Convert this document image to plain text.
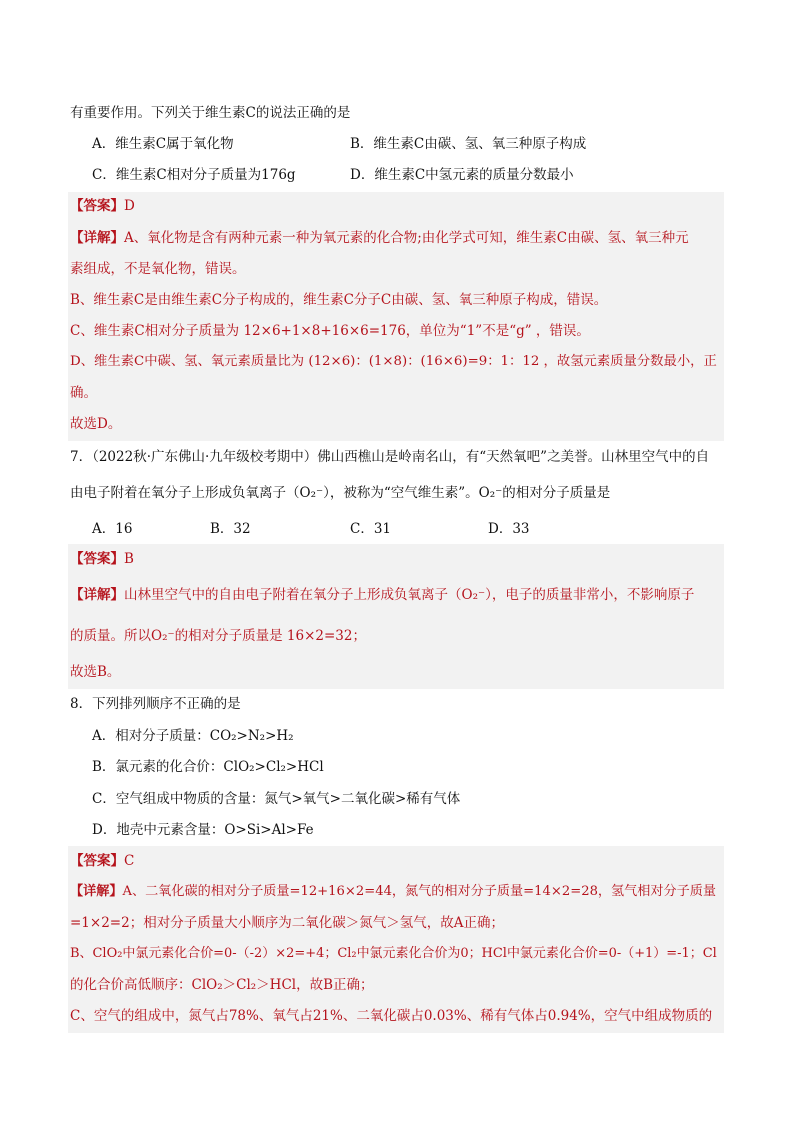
有重要作用。下列关于维生素C的说法正确的是
A．维生素C属于氧化物	B．维生素C由碳、氢、氧三种原子构成
C．维生素C相对分子质量为176g	D．维生素C中氢元素的质量分数最小
【答案】D
【详解】A、氧化物是含有两种元素一种为氧元素的化合物;由化学式可知，维生素C由碳、氢、氧三种元
素组成，不是氧化物，错误。
B、维生素C是由维生素C分子构成的，维生素C分子C由碳、氢、氧三种原子构成，错误。
C、维生素C相对分子质量为 12×6+1×8+16×6=176，单位为“1”不是“g” ，错误。
D、维生素C中碳、氢、氧元素质量比为 (12×6)：(1×8)：(16×6)=9：1：12 ，故氢元素质量分数最小，正
确。
故选D。
7．（2022秋·广东佛山·九年级校考期中）佛山西樵山是岭南名山，有“天然氧吧”之美誉。山林里空气中的自
由电子附着在氧分子上形成负氧离子（O₂⁻），被称为“空气维生素”。O₂⁻的相对分子质量是
A．16	B．32	C．31	D．33
【答案】B
【详解】山林里空气中的自由电子附着在氧分子上形成负氧离子（O₂⁻），电子的质量非常小，不影响原子
的质量。所以O₂⁻的相对分子质量是 16×2=32；
故选B。
8．下列排列顺序不正确的是
A．相对分子质量：CO₂>N₂>H₂
B．氯元素的化合价：ClO₂>Cl₂>HCl
C．空气组成中物质的含量：氮气>氧气>二氧化碳>稀有气体
D．地壳中元素含量：O>Si>Al>Fe
【答案】C
【详解】A、二氧化碳的相对分子质量=12+16×2=44，氮气的相对分子质量=14×2=28，氢气相对分子质量
=1×2=2；相对分子质量大小顺序为二氧化碳＞氮气＞氢气，故A正确；
B、ClO₂中氯元素化合价=0-（-2）×2=+4；Cl₂中氯元素化合价为0；HCl中氯元素化合价=0-（+1）=-1；Cl
的化合价高低顺序：ClO₂＞Cl₂＞HCl，故B正确；
C、空气的组成中，氮气占78%、氧气占21%、二氧化碳占0.03%、稀有气体占0.94%，空气中组成物质的
